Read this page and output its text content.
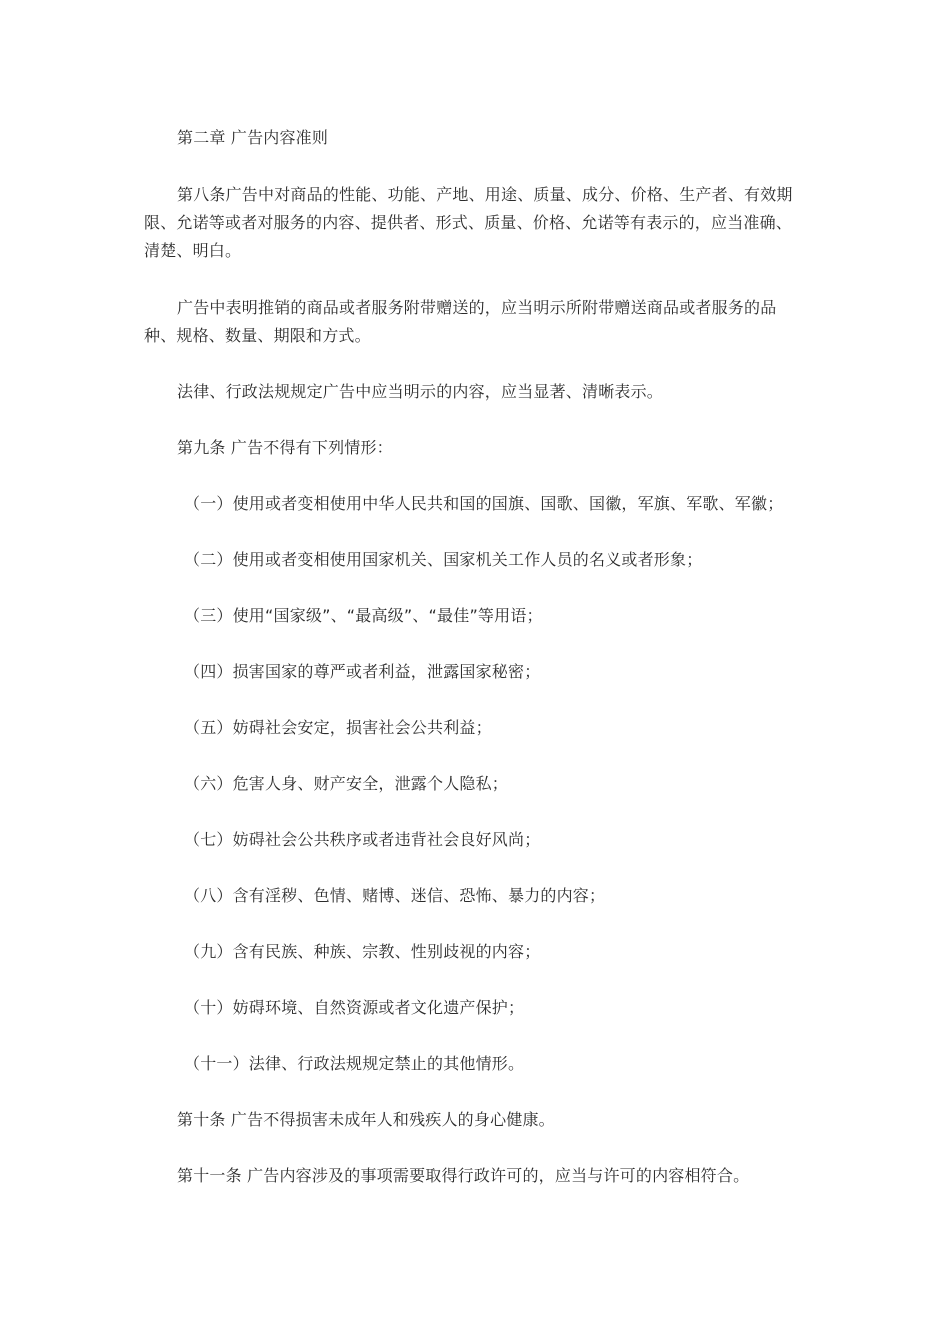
第二章 广告内容准则

第八条广告中对商品的性能、功能、产地、用途、质量、成分、价格、生产者、有效期限、允诺等或者对服务的内容、提供者、形式、质量、价格、允诺等有表示的，应当准确、清楚、明白。

广告中表明推销的商品或者服务附带赠送的，应当明示所附带赠送商品或者服务的品种、规格、数量、期限和方式。

法律、行政法规规定广告中应当明示的内容，应当显著、清晰表示。

第九条 广告不得有下列情形：

（一）使用或者变相使用中华人民共和国的国旗、国歌、国徽，军旗、军歌、军徽；

（二）使用或者变相使用国家机关、国家机关工作人员的名义或者形象；

（三）使用“国家级”、“最高级”、“最佳”等用语；

（四）损害国家的尊严或者利益，泄露国家秘密；

（五）妨碍社会安定，损害社会公共利益；

（六）危害人身、财产安全，泄露个人隐私；

（七）妨碍社会公共秩序或者违背社会良好风尚；

（八）含有淫秽、色情、赌博、迷信、恐怖、暴力的内容；

（九）含有民族、种族、宗教、性别歧视的内容；

（十）妨碍环境、自然资源或者文化遗产保护；

（十一）法律、行政法规规定禁止的其他情形。

第十条 广告不得损害未成年人和残疾人的身心健康。

第十一条 广告内容涉及的事项需要取得行政许可的，应当与许可的内容相符合。
